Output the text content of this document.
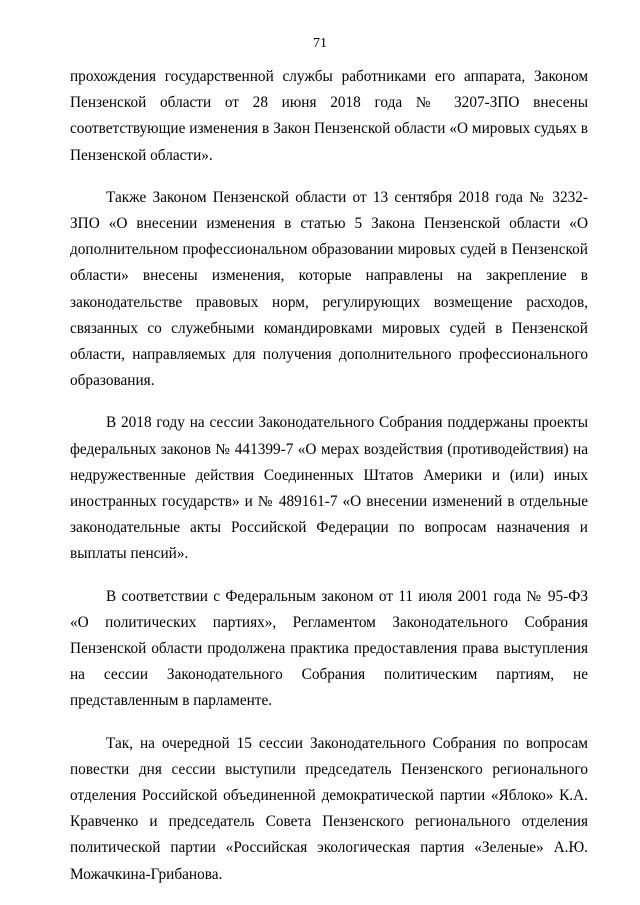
71

прохождения государственной службы работниками его аппарата, Законом Пензенской области от 28 июня 2018 года № 3207-ЗПО внесены соответствующие изменения в Закон Пензенской области «О мировых судьях в Пензенской области».

Также Законом Пензенской области от 13 сентября 2018 года № 3232-ЗПО «О внесении изменения в статью 5 Закона Пензенской области «О дополнительном профессиональном образовании мировых судей в Пензенской области» внесены изменения, которые направлены на закрепление в законодательстве правовых норм, регулирующих возмещение расходов, связанных со служебными командировками мировых судей в Пензенской области, направляемых для получения дополнительного профессионального образования.

В 2018 году на сессии Законодательного Собрания поддержаны проекты федеральных законов № 441399-7 «О мерах воздействия (противодействия) на недружественные действия Соединенных Штатов Америки и (или) иных иностранных государств» и № 489161-7 «О внесении изменений в отдельные законодательные акты Российской Федерации по вопросам назначения и выплаты пенсий».

В соответствии с Федеральным законом от 11 июля 2001 года № 95-ФЗ «О политических партиях», Регламентом Законодательного Собрания Пензенской области продолжена практика предоставления права выступления на сессии Законодательного Собрания политическим партиям, не представленным в парламенте.

Так, на очередной 15 сессии Законодательного Собрания по вопросам повестки дня сессии выступили председатель Пензенского регионального отделения Российской объединенной демократической партии «Яблоко» К.А. Кравченко и председатель Совета Пензенского регионального отделения политической партии «Российская экологическая партия «Зеленые» А.Ю. Можачкина-Грибанова.
